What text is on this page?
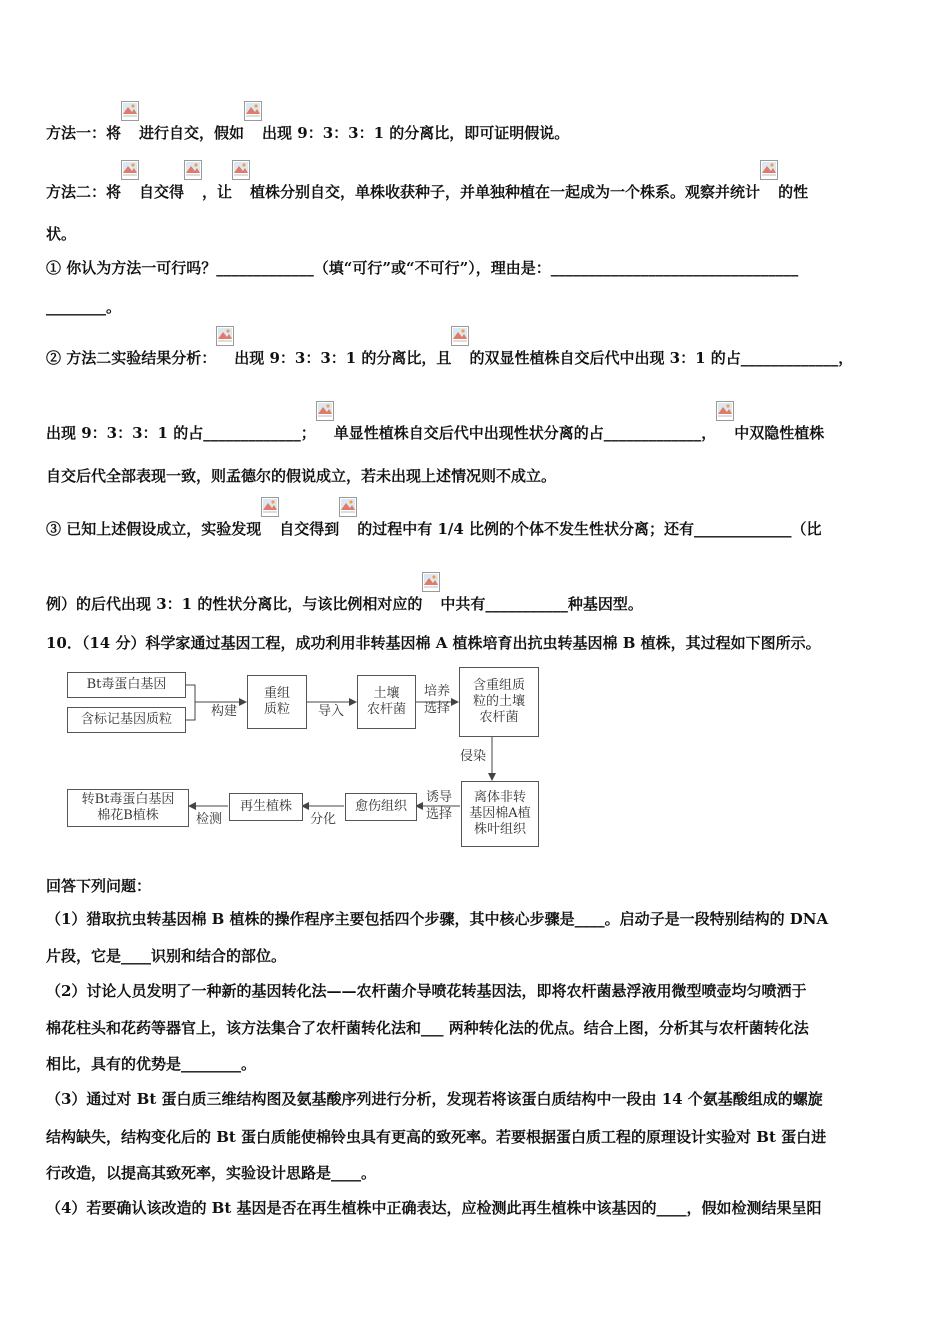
方法一：将 进行自交，假如 出现 9：3：3：1 的分离比，即可证明假说。
方法二：将 自交得 ，让 植株分别自交，单株收获种子，并单独种植在一起成为一个株系。观察并统计 的性
状。
① 你认为方法一可行吗？_____________（填“可行”或“不可行”），理由是：_________________________________
________。
② 方法二实验结果分析： 出现 9：3：3：1 的分离比，且 的双显性植株自交后代中出现 3：1 的占_____________，
出现 9：3：3：1 的占_____________； 单显性植株自交后代中出现性状分离的占_____________， 中双隐性植株
自交后代全部表现一致，则孟德尔的假说成立，若未出现上述情况则不成立。
③ 已知上述假设成立，实验发现 自交得到 的过程中有 1/4 比例的个体不发生性状分离；还有_____________（比
例）的后代出现 3：1 的性状分离比，与该比例相对应的 中共有___________种基因型。
10．（14 分）科学家通过基因工程，成功利用非转基因棉 A 植株培育出抗虫转基因棉 B 植株，其过程如下图所示。
Bt毒蛋白基因
含标记基因质粒
构建
重组
质粒	导入
土壤
农杆菌
培养
选择
含重组质
粒的土壤
农杆菌
侵染
离体非转
基因棉A植
株叶组织
诱导
选择
愈伤组织
分化
再生植株
检测
转Bt毒蛋白基因
棉花B植株
回答下列问题：
（1）猎取抗虫转基因棉 B 植株的操作程序主要包括四个步骤，其中核心步骤是____。启动子是一段特别结构的 DNA
片段，它是____识别和结合的部位。
（2）讨论人员发明了一种新的基因转化法——农杆菌介导喷花转基因法，即将农杆菌悬浮液用微型喷壶均匀喷洒于
棉花柱头和花药等器官上，该方法集合了农杆菌转化法和___ 两种转化法的优点。结合上图，分析其与农杆菌转化法
相比，具有的优势是________。
（3）通过对 Bt 蛋白质三维结构图及氨基酸序列进行分析，发现若将该蛋白质结构中一段由 14 个氨基酸组成的螺旋
结构缺失，结构变化后的 Bt 蛋白质能使棉铃虫具有更高的致死率。若要根据蛋白质工程的原理设计实验对 Bt 蛋白进
行改造，以提高其致死率，实验设计思路是____。
（4）若要确认该改造的 Bt 基因是否在再生植株中正确表达，应检测此再生植株中该基因的____，假如检测结果呈阳
